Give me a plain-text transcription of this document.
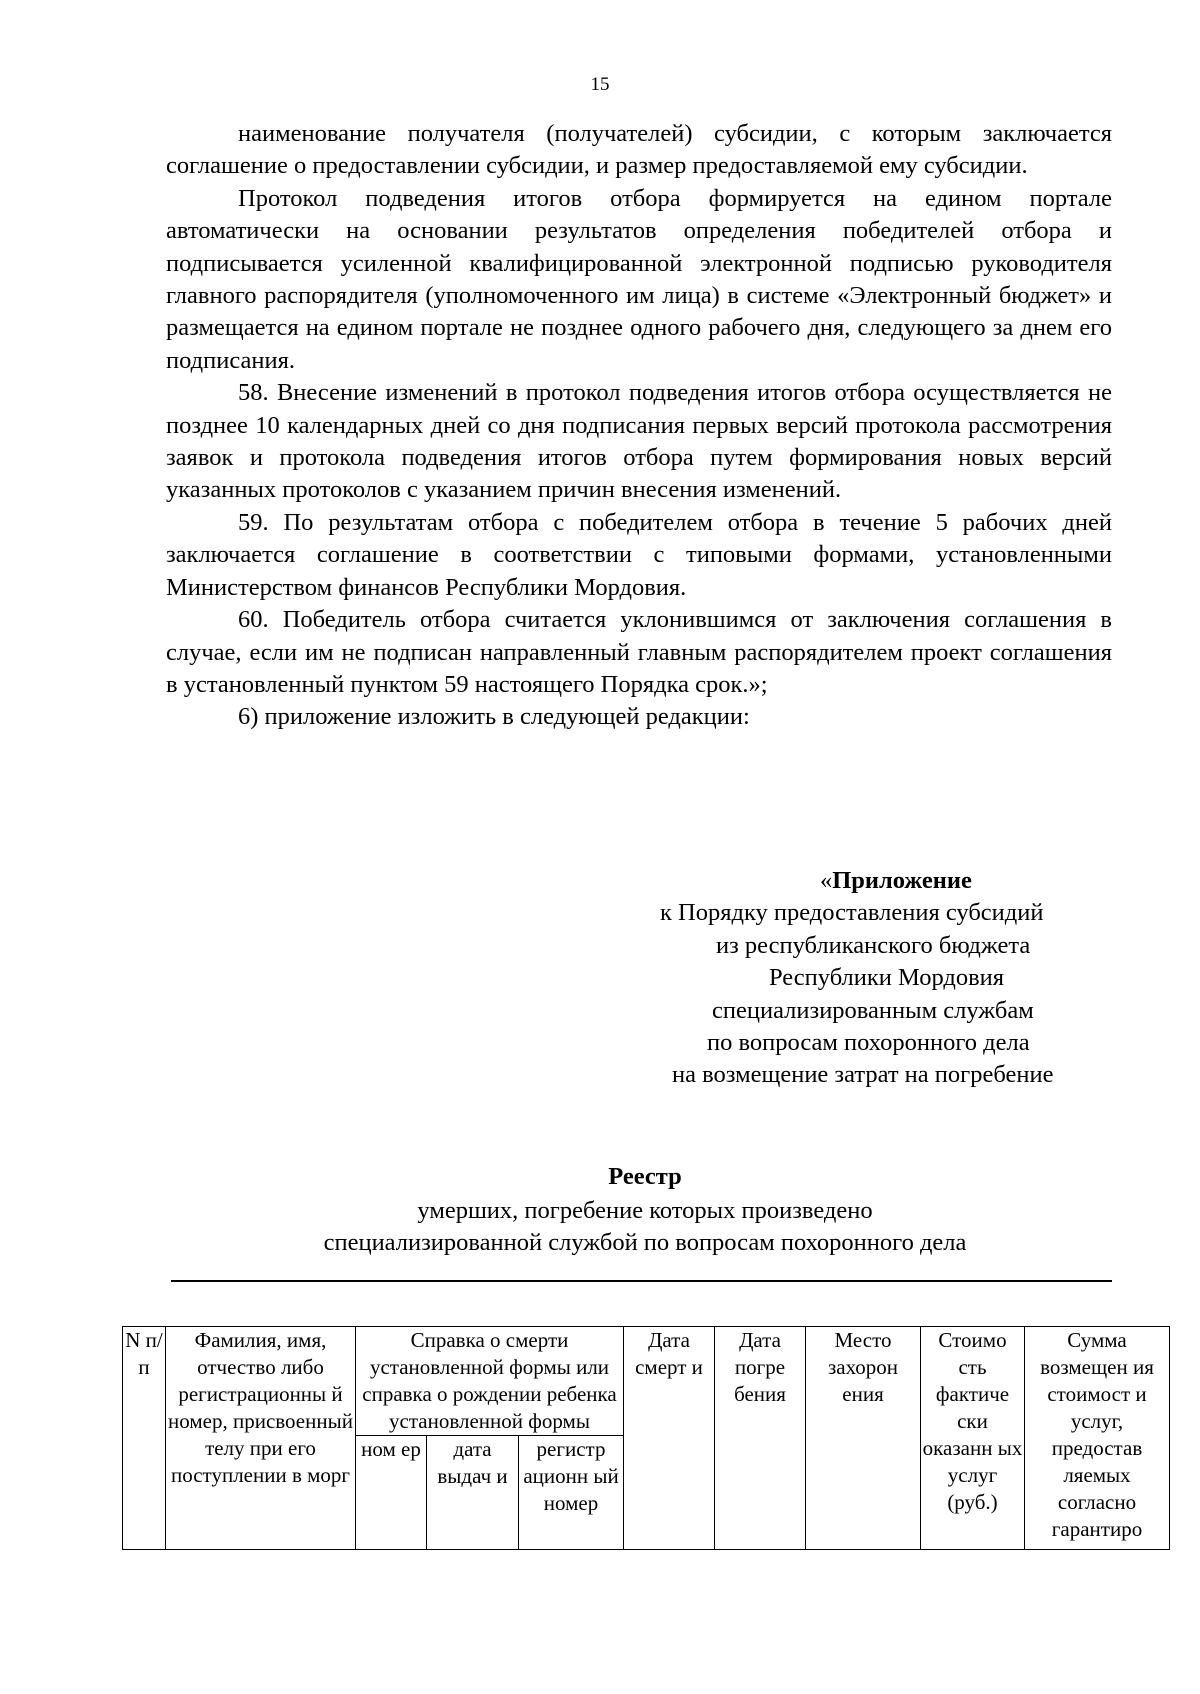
15

наименование получателя (получателей) субсидии, с которым заключается соглашение о предоставлении субсидии, и размер предоставляемой ему субсидии.

Протокол подведения итогов отбора формируется на едином портале автоматически на основании результатов определения победителей отбора и подписывается усиленной квалифицированной электронной подписью руководителя главного распорядителя (уполномоченного им лица) в системе «Электронный бюджет» и размещается на едином портале не позднее одного рабочего дня, следующего за днем его подписания.

58. Внесение изменений в протокол подведения итогов отбора осуществляется не позднее 10 календарных дней со дня подписания первых версий протокола рассмотрения заявок и протокола подведения итогов отбора путем формирования новых версий указанных протоколов с указанием причин внесения изменений.

59. По результатам отбора с победителем отбора в течение 5 рабочих дней заключается соглашение в соответствии с типовыми формами, установленными Министерством финансов Республики Мордовия.

60. Победитель отбора считается уклонившимся от заключения соглашения в случае, если им не подписан направленный главным распорядителем проект соглашения в установленный пунктом 59 настоящего Порядка срок.»;

6) приложение изложить в следующей редакции:

«Приложение
к Порядку предоставления субсидий
из республиканского бюджета
Республики Мордовия
специализированным службам
по вопросам похоронного дела
на возмещение затрат на погребение
Реестр
умерших, погребение которых произведено
специализированной службой по вопросам похоронного дела
N п/ п	Фамилия, имя, отчество либо регистрационны й номер, присвоенный телу при его поступлении в морг	Справка о смерти установленной формы или справка о рождении ребенка установленной формы			Дата смерт и	Дата погре бения	Место захорон ения	Стоимо сть фактиче ски оказанн ых услуг (руб.)	Сумма возмещен ия стоимост и услуг, предостав ляемых согласно гарантиро
		ном ер	дата выдач и	регистр ационн ый номер					
